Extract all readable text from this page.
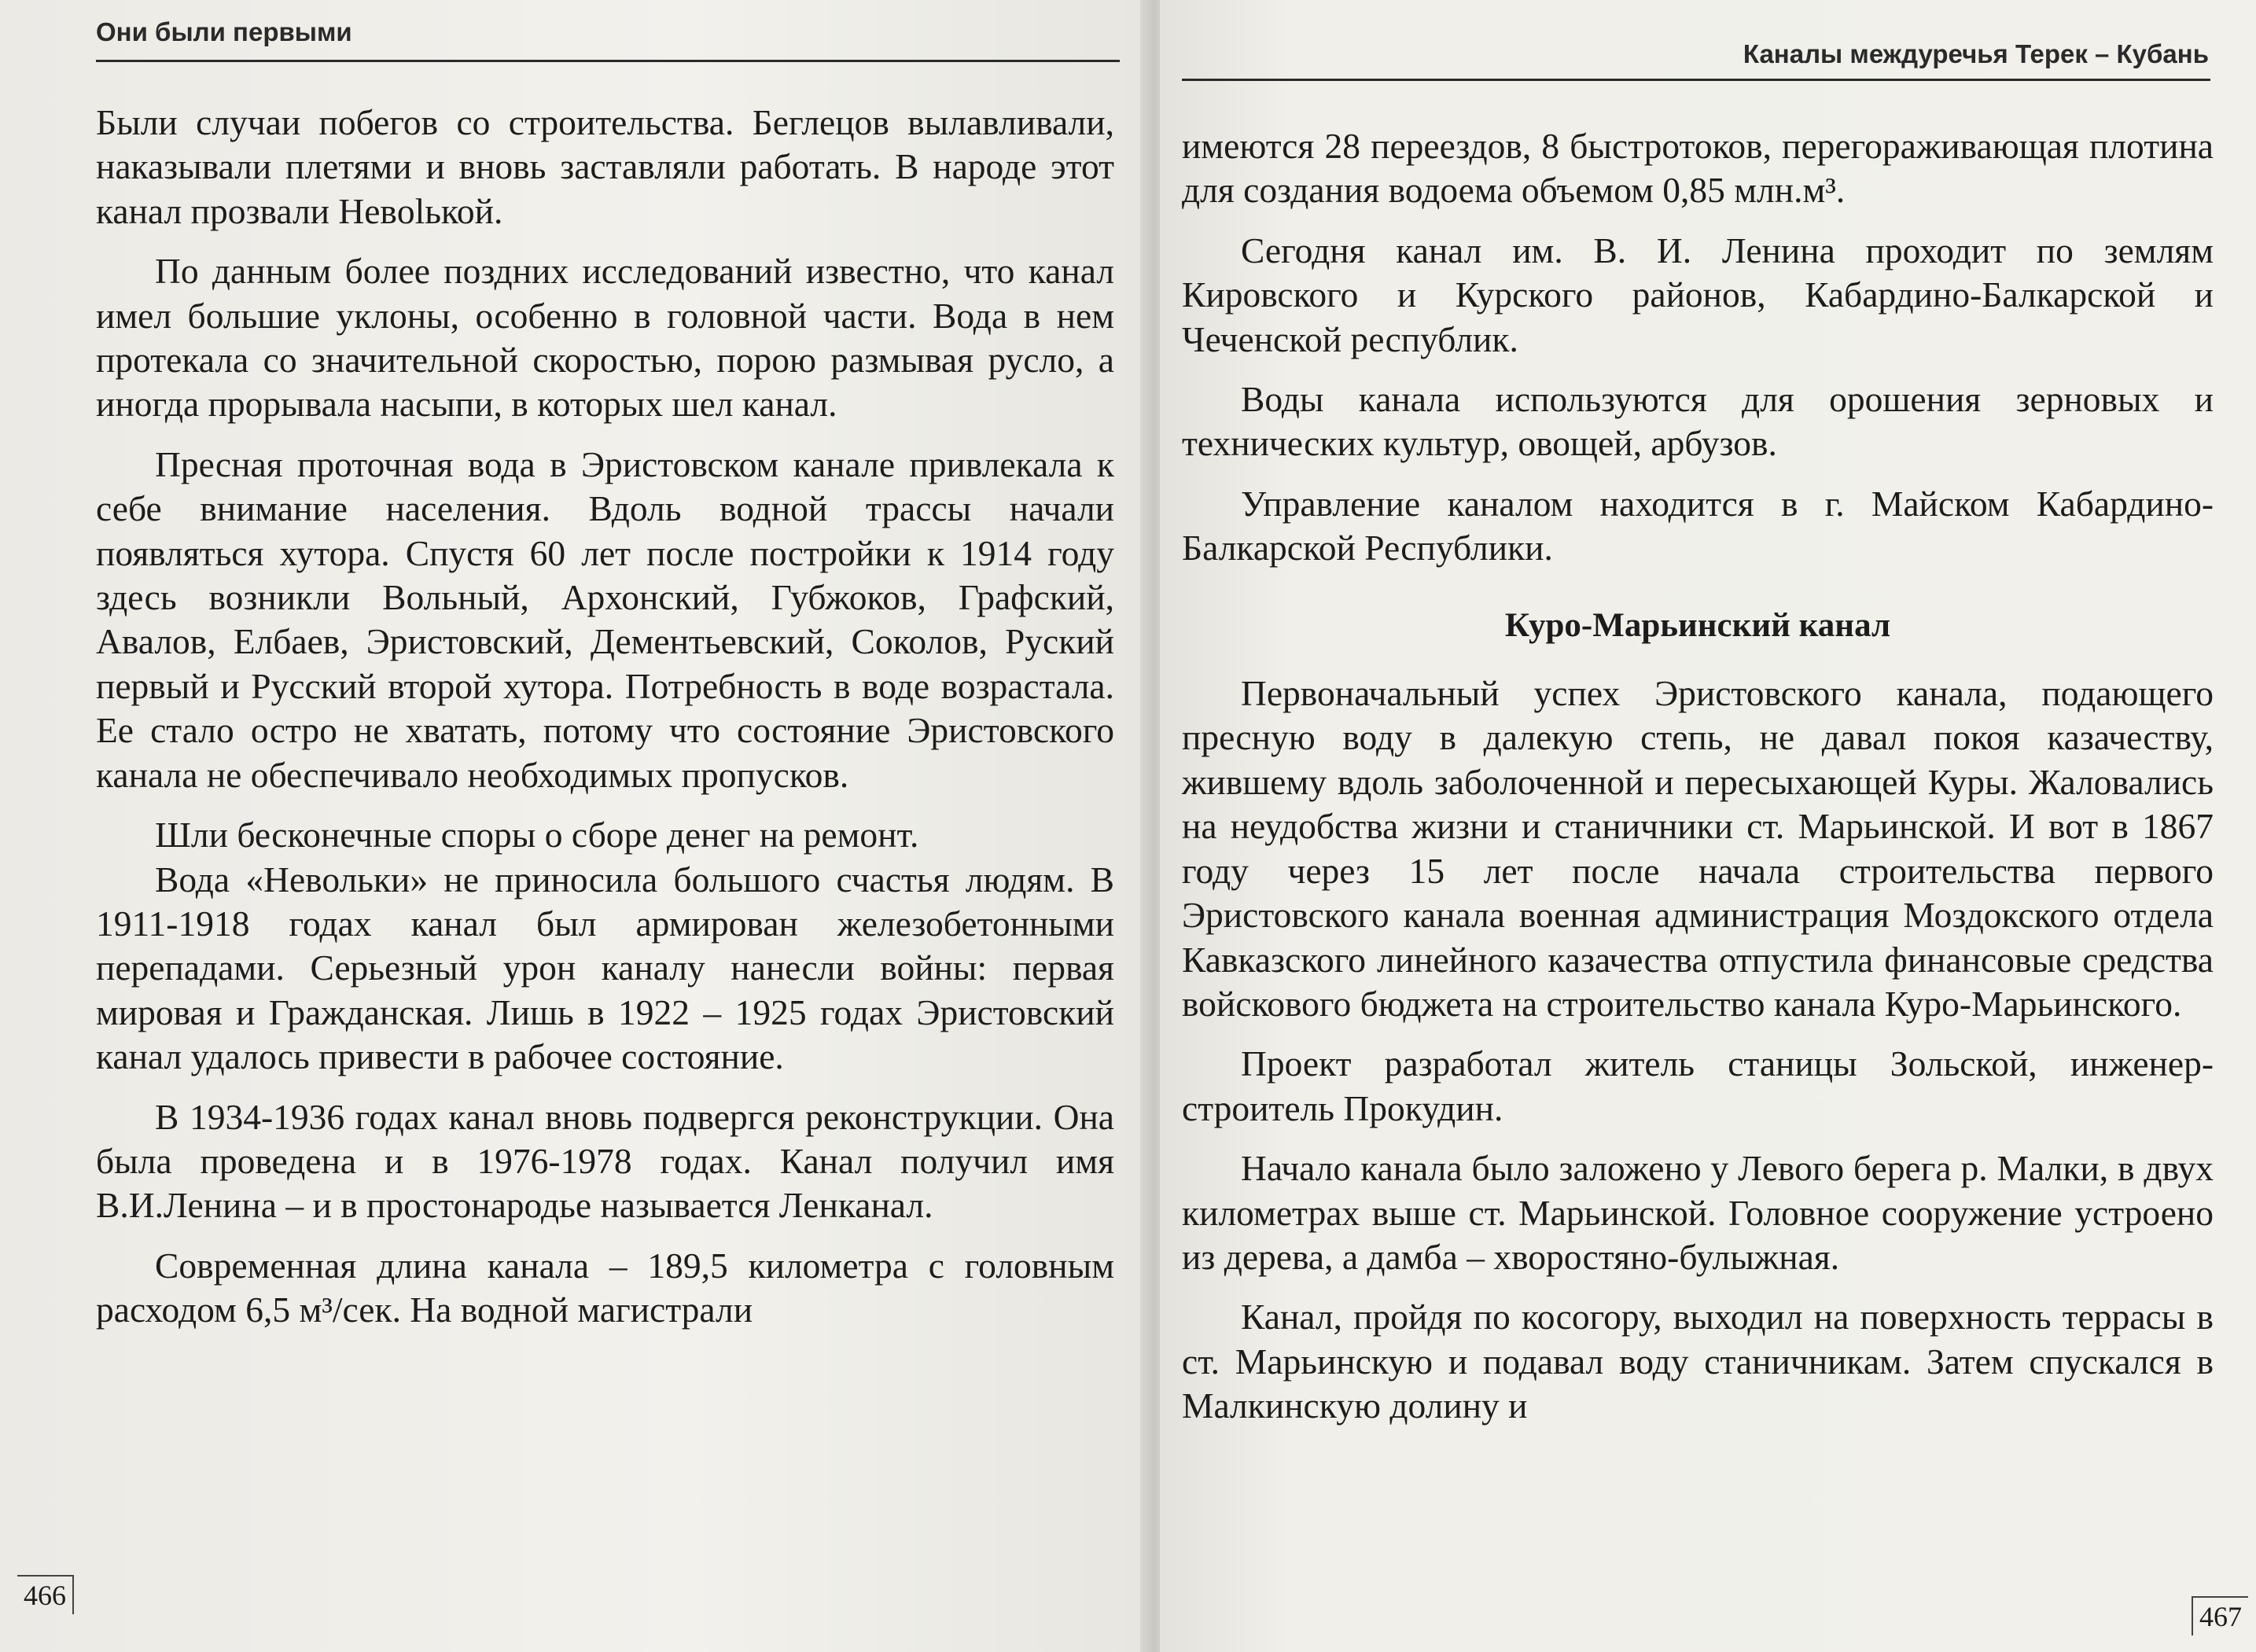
Они были первыми

Были случаи побегов со строительства. Беглецов вылавливали, наказывали плетями и вновь заставляли работать. В народе этот канал прозвали Невolькой.

По данным более поздних исследований известно, что канал имел большие уклоны, особенно в головной части. Вода в нем протекала со значительной скоростью, порою размывая русло, а иногда прорывала насыпи, в которых шел канал.

Пресная проточная вода в Эристовском канале привлекала к себе внимание населения. Вдоль водной трассы начали появляться хутора. Спустя 60 лет после постройки к 1914 году здесь возникли Вольный, Архонский, Губжоков, Графский, Авалов, Елбаев, Эристовский, Дементьевский, Соколов, Руский первый и Русский второй хутора. Потребность в воде возрастала. Ее стало остро не хватать, потому что состояние Эристовского канала не обеспечивало необходимых пропусков.

Шли бесконечные споры о сборе денег на ремонт.

Вода «Невольки» не приносила большого счастья людям. В 1911-1918 годах канал был армирован железобетонными перепадами. Серьезный урон каналу нанесли войны: первая мировая и Гражданская. Лишь в 1922 – 1925 годах Эристовский канал удалось привести в рабочее состояние.

В 1934-1936 годах канал вновь подвергся реконструкции. Она была проведена и в 1976-1978 годах. Канал получил имя В.И.Ленина – и в простонародье называется Ленканал.

Современная длина канала – 189,5 километра с головным расходом 6,5 м³/сек. На водной магистрали

466
Каналы междуречья Терек – Кубань

имеются 28 переездов, 8 быстротоков, перегораживающая плотина для создания водоема объемом 0,85 млн.м³.

Сегодня канал им. В. И. Ленина проходит по землям Кировского и Курского районов, Кабардино-Балкарской и Чеченской республик.

Воды канала используются для орошения зерновых и технических культур, овощей, арбузов.

Управление каналом находится в г. Майском Кабардино-Балкарской Республики.

Куро-Марьинский канал

Первоначальный успех Эристовского канала, подающего пресную воду в далекую степь, не давал покоя казачеству, жившему вдоль заболоченной и пересыхающей Куры. Жаловались на неудобства жизни и станичники ст. Марьинской. И вот в 1867 году через 15 лет после начала строительства первого Эристовского канала военная администрация Моздокского отдела Кавказского линейного казачества отпустила финансовые средства войскового бюджета на строительство канала Куро-Марьинского.

Проект разработал житель станицы Зольской, инженер-строитель Прокудин.

Начало канала было заложено у Левого берега р. Малки, в двух километрах выше ст. Марьинской. Головное сооружение устроено из дерева, а дамба – хворостяно-булыжная.

Канал, пройдя по косогору, выходил на поверхность террасы в ст. Марьинскую и подавал воду станичникам. Затем спускался в Малкинскую долину и

467
